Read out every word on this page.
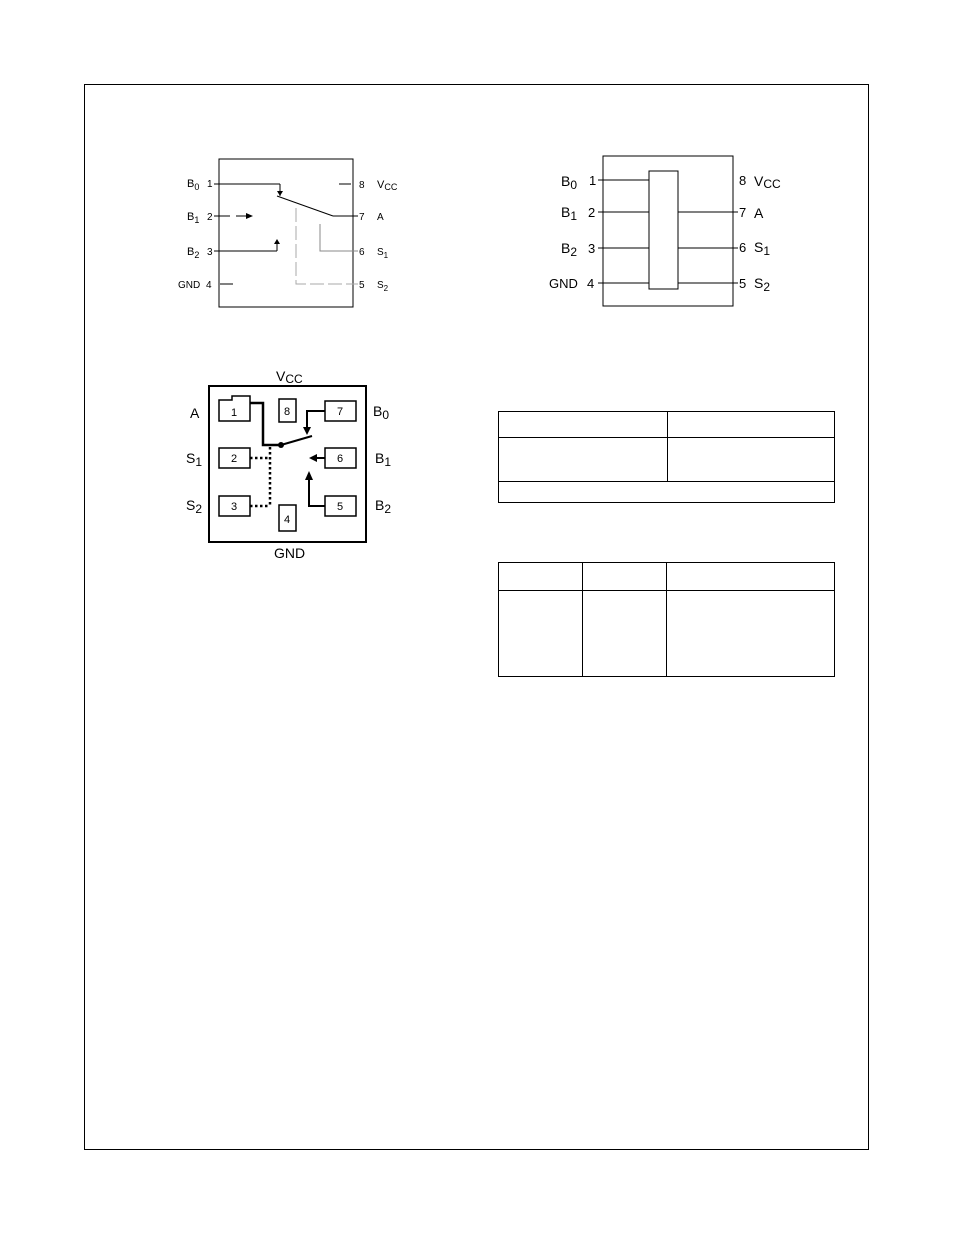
$B_0$ 1
$B_1$ 2
$B_2$ 3
GND 4
8 VCC
7 A
6 $S_1$
5 $S_2$
B0 1
B1 2
B2 3
GND 4
8 VCC
7 A
6 S1
5 S2
1	8	7
2	6
3	5
4
VCC
GND
A
S1
S2
B0
B1
B2
